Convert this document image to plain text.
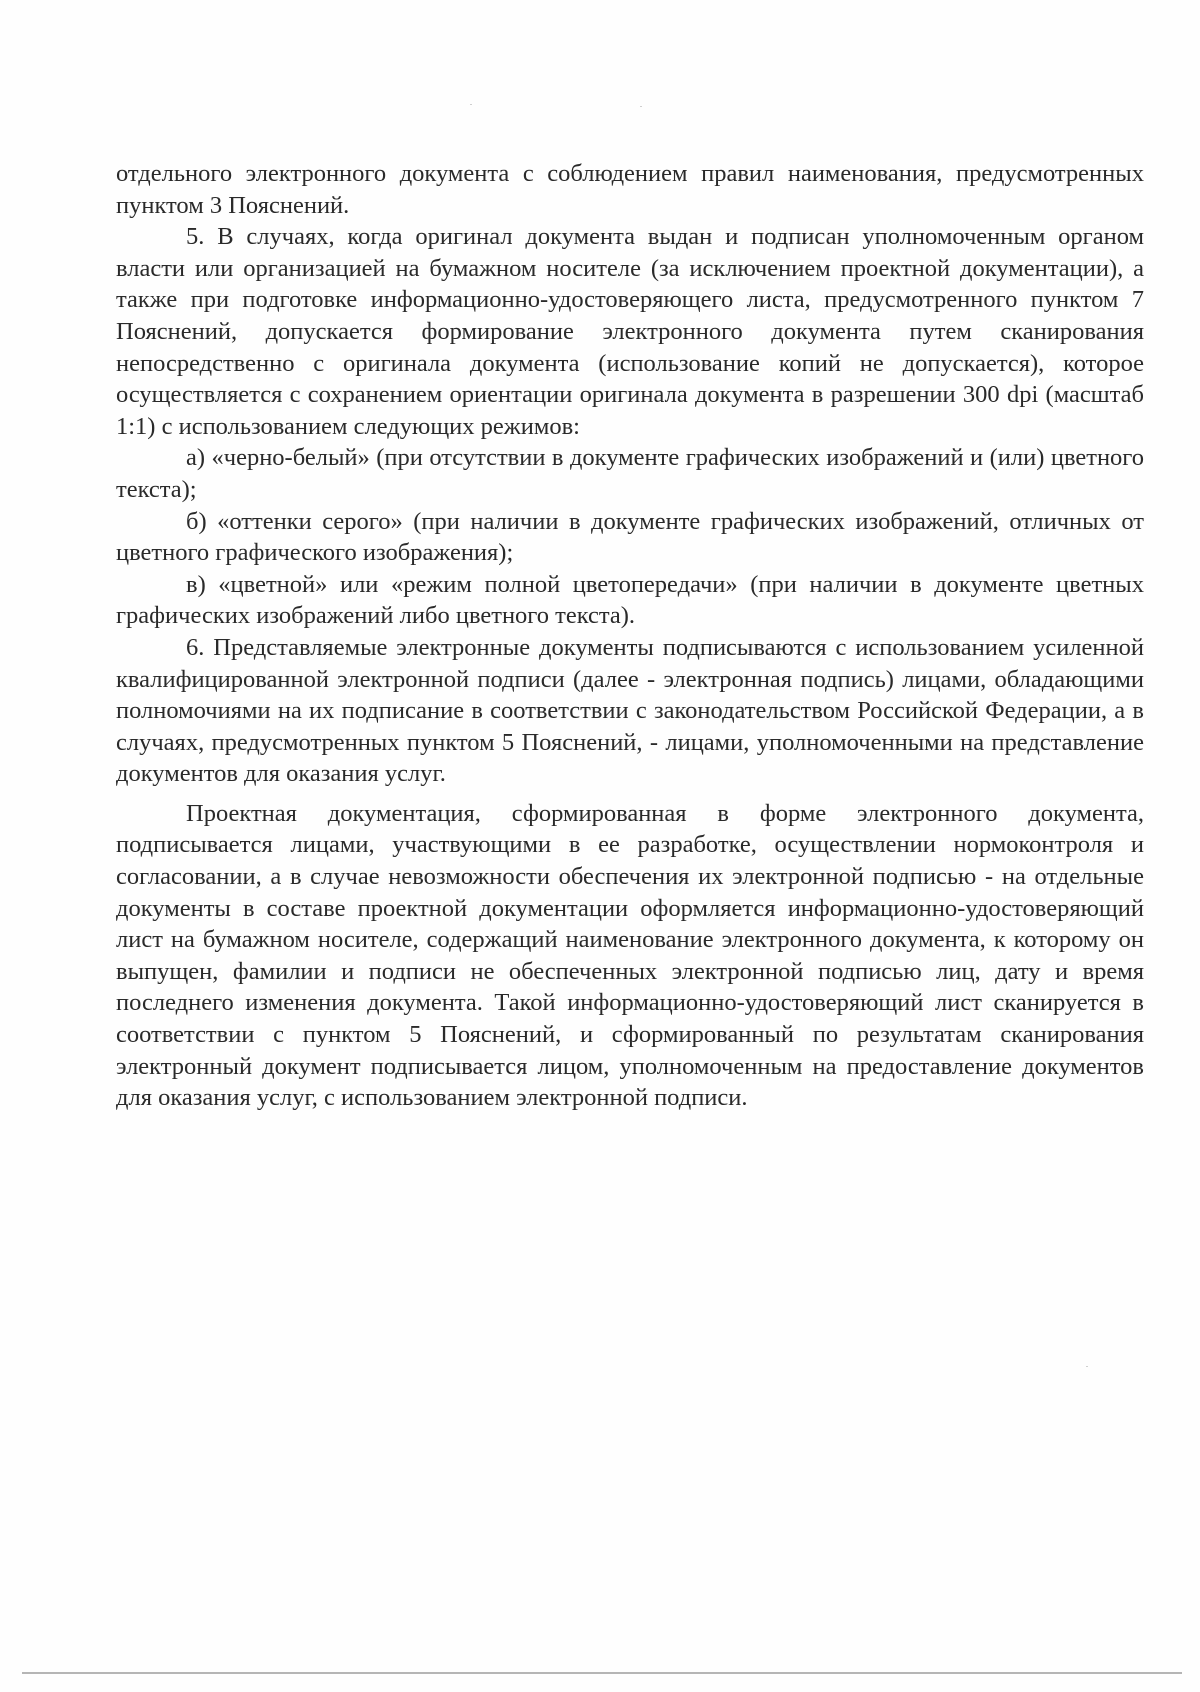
отдельного электронного документа с соблюдением правил наименования, предусмотренных пунктом 3 Пояснений.

5. В случаях, когда оригинал документа выдан и подписан уполномоченным органом власти или организацией на бумажном носителе (за исключением проектной документации), а также при подготовке информационно-удостоверяющего листа, предусмотренного пунктом 7 Пояснений, допускается формирование электронного документа путем сканирования непосредственно с оригинала документа (использование копий не допускается), которое осуществляется с сохранением ориентации оригинала документа в разрешении 300 dpi (масштаб 1:1) с использованием следующих режимов:

а) «черно-белый» (при отсутствии в документе графических изображений и (или) цветного текста);

б) «оттенки серого» (при наличии в документе графических изображений, отличных от цветного графического изображения);

в) «цветной» или «режим полной цветопередачи» (при наличии в документе цветных графических изображений либо цветного текста).

6. Представляемые электронные документы подписываются с использованием усиленной квалифицированной электронной подписи (далее - электронная подпись) лицами, обладающими полномочиями на их подписание в соответствии с законодательством Российской Федерации, а в случаях, предусмотренных пунктом 5 Пояснений, - лицами, уполномоченными на представление документов для оказания услуг.

Проектная документация, сформированная в форме электронного документа, подписывается лицами, участвующими в ее разработке, осуществлении нормоконтроля и согласовании, а в случае невозможности обеспечения их электронной подписью - на отдельные документы в составе проектной документации оформляется информационно-удостоверяющий лист на бумажном носителе, содержащий наименование электронного документа, к которому он выпущен, фамилии и подписи не обеспеченных электронной подписью лиц, дату и время последнего изменения документа. Такой информационно-удостоверяющий лист сканируется в соответствии с пунктом 5 Пояснений, и сформированный по результатам сканирования электронный документ подписывается лицом, уполномоченным на предоставление документов для оказания услуг, с использованием электронной подписи.
